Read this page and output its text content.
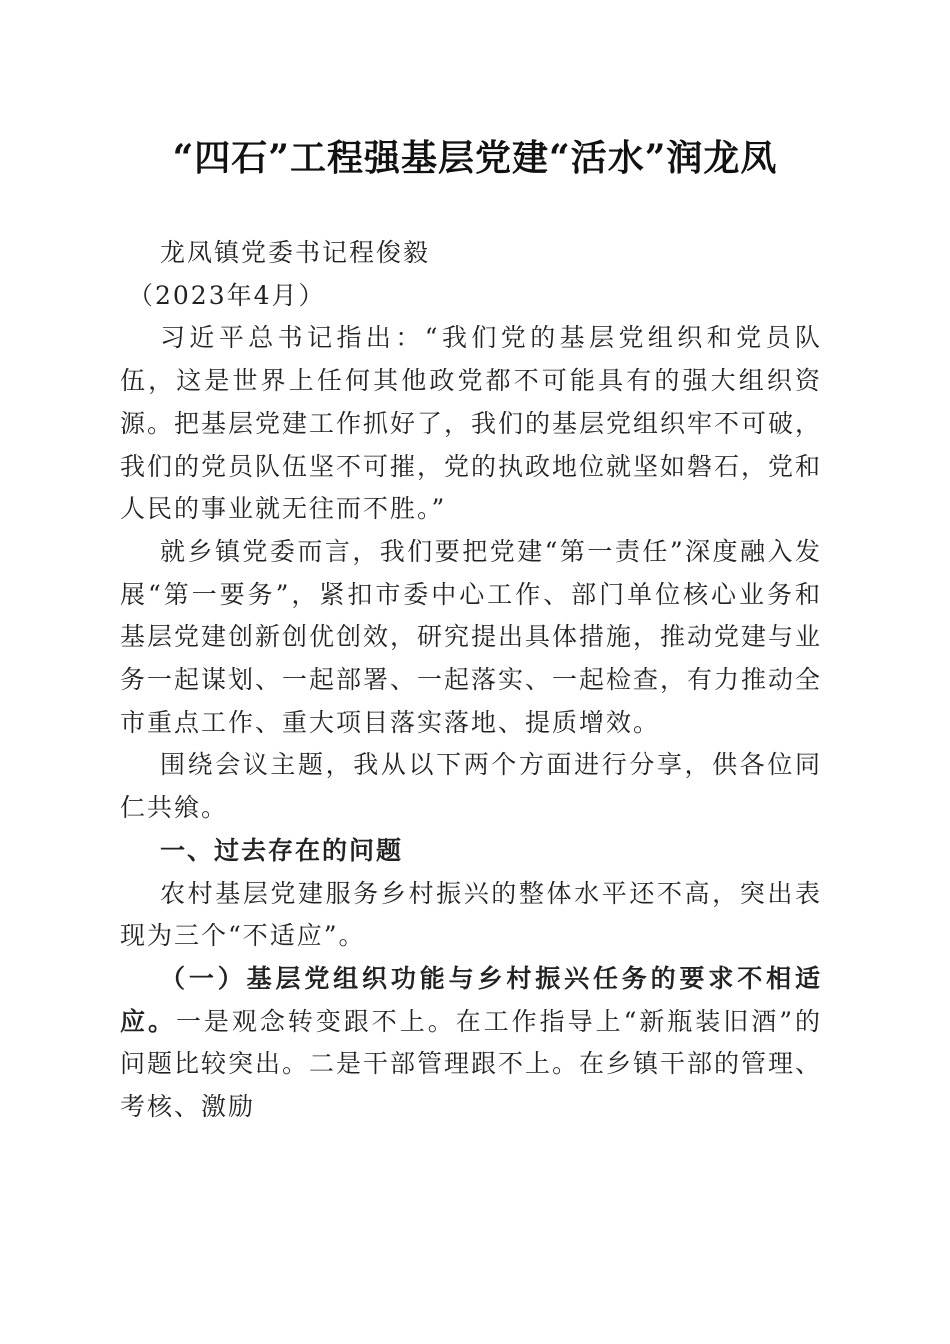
“四石”工程强基层党建“活水”润龙凤

龙凤镇党委书记程俊毅

（2023年4月）

习近平总书记指出：“我们党的基层党组织和党员队伍，这是世界上任何其他政党都不可能具有的强大组织资源。把基层党建工作抓好了，我们的基层党组织牢不可破，我们的党员队伍坚不可摧，党的执政地位就坚如磐石，党和人民的事业就无往而不胜。”

就乡镇党委而言，我们要把党建“第一责任”深度融入发展“第一要务”，紧扣市委中心工作、部门单位核心业务和基层党建创新创优创效，研究提出具体措施，推动党建与业务一起谋划、一起部署、一起落实、一起检查，有力推动全市重点工作、重大项目落实落地、提质增效。

围绕会议主题，我从以下两个方面进行分享，供各位同仁共飨。

一、过去存在的问题

农村基层党建服务乡村振兴的整体水平还不高，突出表现为三个“不适应”。

（一）基层党组织功能与乡村振兴任务的要求不相适应。一是观念转变跟不上。在工作指导上“新瓶装旧酒”的问题比较突出。二是干部管理跟不上。在乡镇干部的管理、考核、激励
